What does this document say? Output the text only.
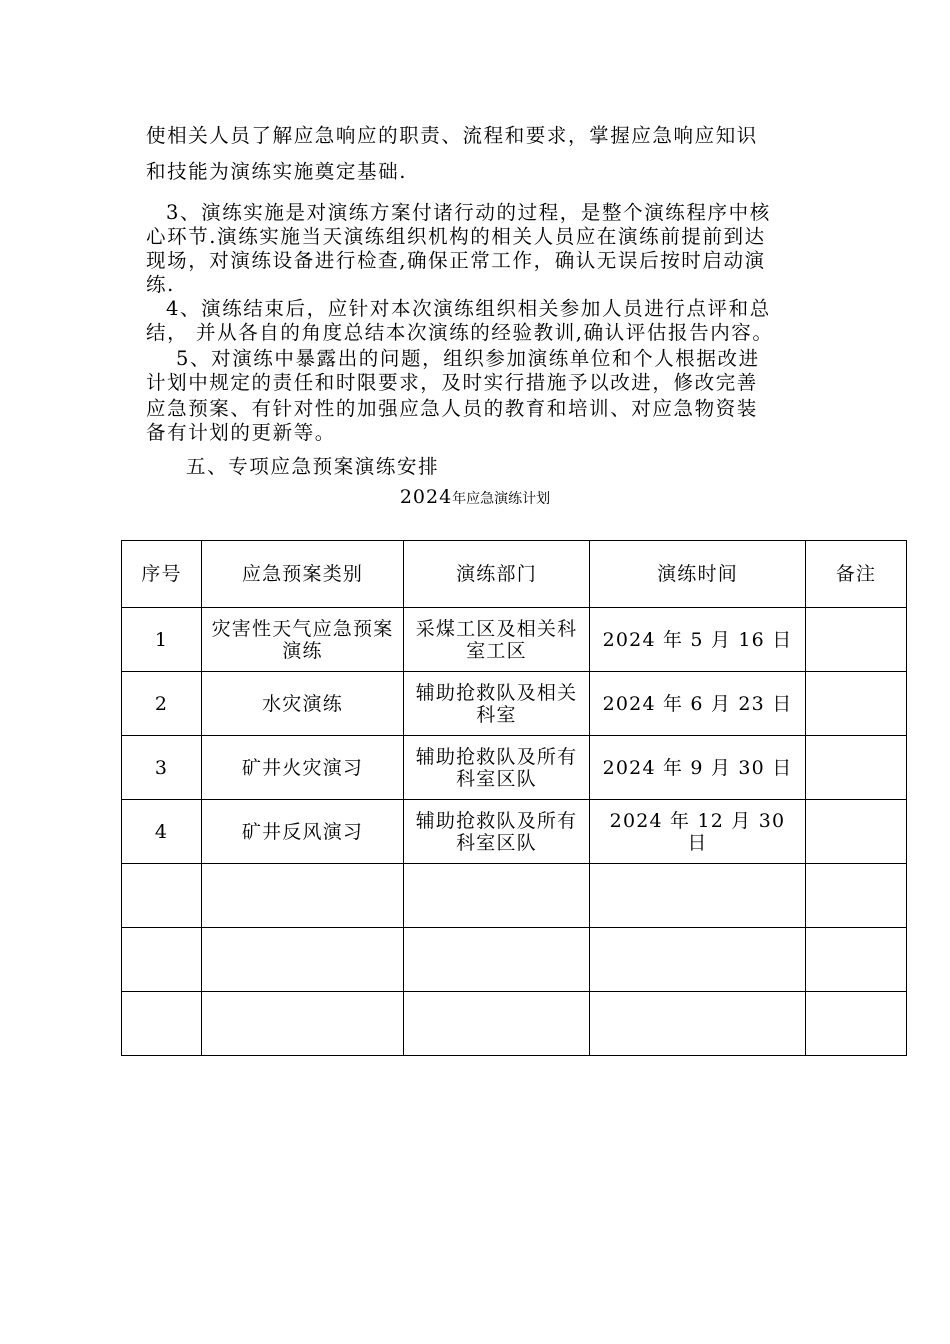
使相关人员了解应急响应的职责、流程和要求，掌握应急响应知识
和技能为演练实施奠定基础.
3、演练实施是对演练方案付诸行动的过程，是整个演练程序中核
心环节.演练实施当天演练组织机构的相关人员应在演练前提前到达
现场，对演练设备进行检查,确保正常工作，确认无误后按时启动演
练.
4、演练结束后，应针对本次演练组织相关参加人员进行点评和总
结， 并从各自的角度总结本次演练的经验教训,确认评估报告内容。
5、对演练中暴露出的问题，组织参加演练单位和个人根据改进
计划中规定的责任和时限要求，及时实行措施予以改进，修改完善
应急预案、有针对性的加强应急人员的教育和培训、对应急物资装
备有计划的更新等。
五、专项应急预案演练安排
2024年应急演练计划
序号	应急预案类别	演练部门	演练时间	备注
1	灾害性天气应急预案演练	采煤工区及相关科室工区	2024 年 5 月 16 日	
2	水灾演练	辅助抢救队及相关科室	2024 年 6 月 23 日	
3	矿井火灾演习	辅助抢救队及所有科室区队	2024 年 9 月 30 日	
4	矿井反风演习	辅助抢救队及所有科室区队	2024 年 12 月 30 日	
